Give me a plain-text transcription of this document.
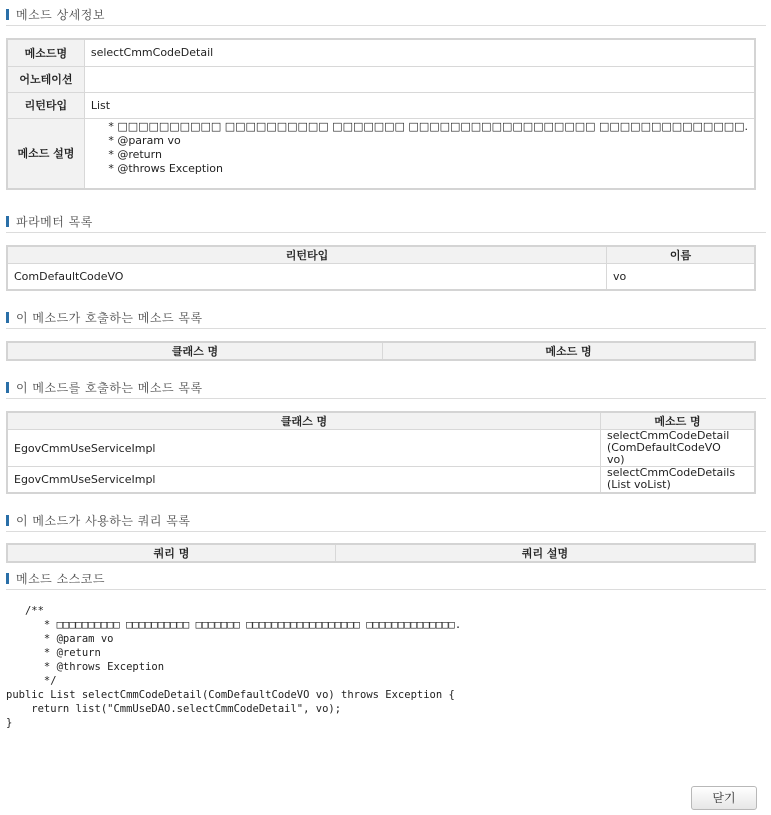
메소드 상세정보
메소드명	selectCmmCodeDetail
어노테이션	
리턴타입	List
메소드 설명	* □□□□□□□□□□ □□□□□□□□□□ □□□□□□□ □□□□□□□□□□□□□□□□□□ □□□□□□□□□□□□□□.
* @param vo
* @return
* @throws Exception
파라메터 목록
리턴타입	이름
ComDefaultCodeVO	vo
이 메소드가 호출하는 메소드 목록
클래스 명	메소드 명
이 메소드를 호출하는 메소드 목록
클래스 명	메소드 명
EgovCmmUseServiceImpl	selectCmmCodeDetail
(ComDefaultCodeVO
vo)
EgovCmmUseServiceImpl	selectCmmCodeDetails
(List voList)
이 메소드가 사용하는 쿼리 목록
쿼리 명	쿼리 설명
메소드 소스코드
/**
* □□□□□□□□□□ □□□□□□□□□□ □□□□□□□ □□□□□□□□□□□□□□□□□□ □□□□□□□□□□□□□□.
* @param vo
* @return
* @throws Exception
*/
public List selectCmmCodeDetail(ComDefaultCodeVO vo) throws Exception {
return list("CmmUseDAO.selectCmmCodeDetail", vo);
}
닫기
